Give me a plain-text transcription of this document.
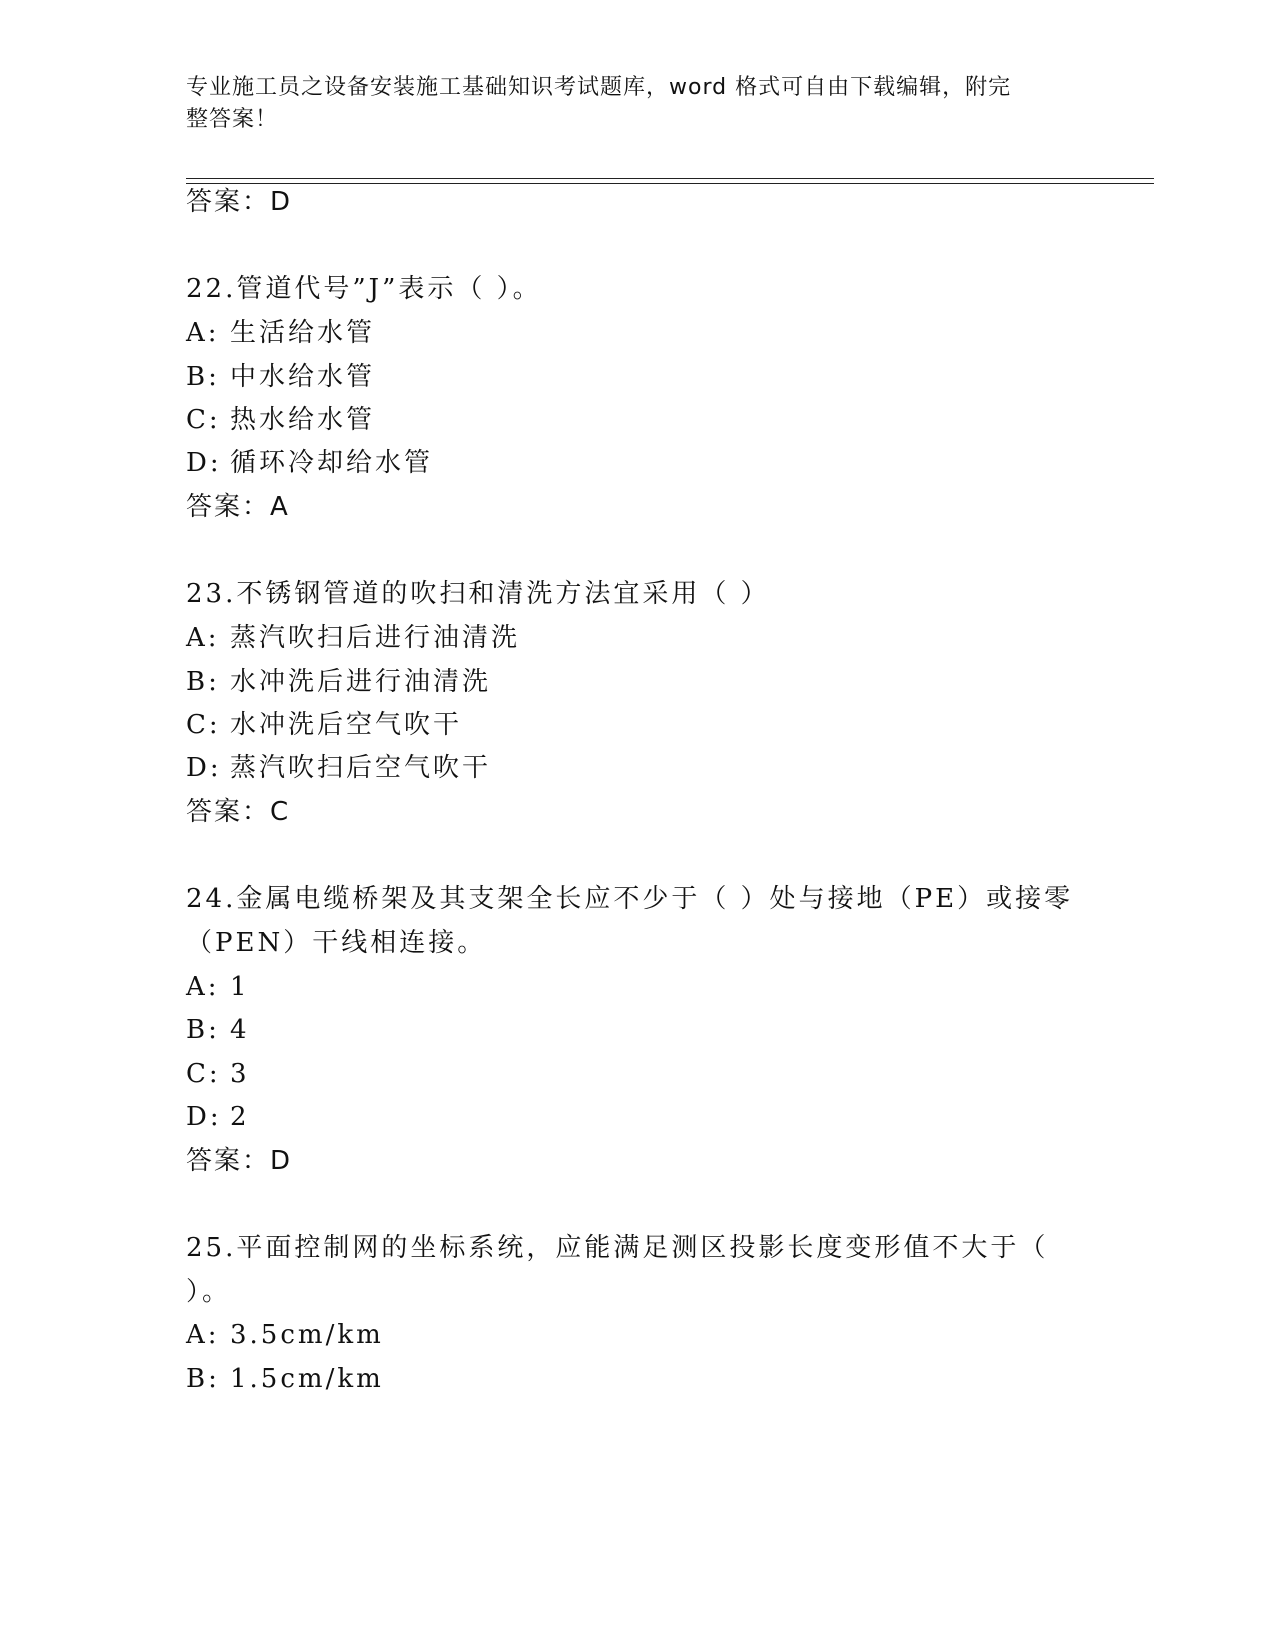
专业施工员之设备安装施工基础知识考试题库，word 格式可自由下载编辑，附完
整答案！
答案：D
22.管道代号”J”表示（ ）。
A: 生活给水管
B: 中水给水管
C: 热水给水管
D: 循环冷却给水管
答案：A
23.不锈钢管道的吹扫和清洗方法宜采用（ ）
A: 蒸汽吹扫后进行油清洗
B: 水冲洗后进行油清洗
C: 水冲洗后空气吹干
D: 蒸汽吹扫后空气吹干
答案：C
24.金属电缆桥架及其支架全长应不少于（ ）处与接地（PE）或接零
（PEN）干线相连接。
A: 1
B: 4
C: 3
D: 2
答案：D
25.平面控制网的坐标系统，应能满足测区投影长度变形值不大于（
）。
A: 3.5cm/km
B: 1.5cm/km
